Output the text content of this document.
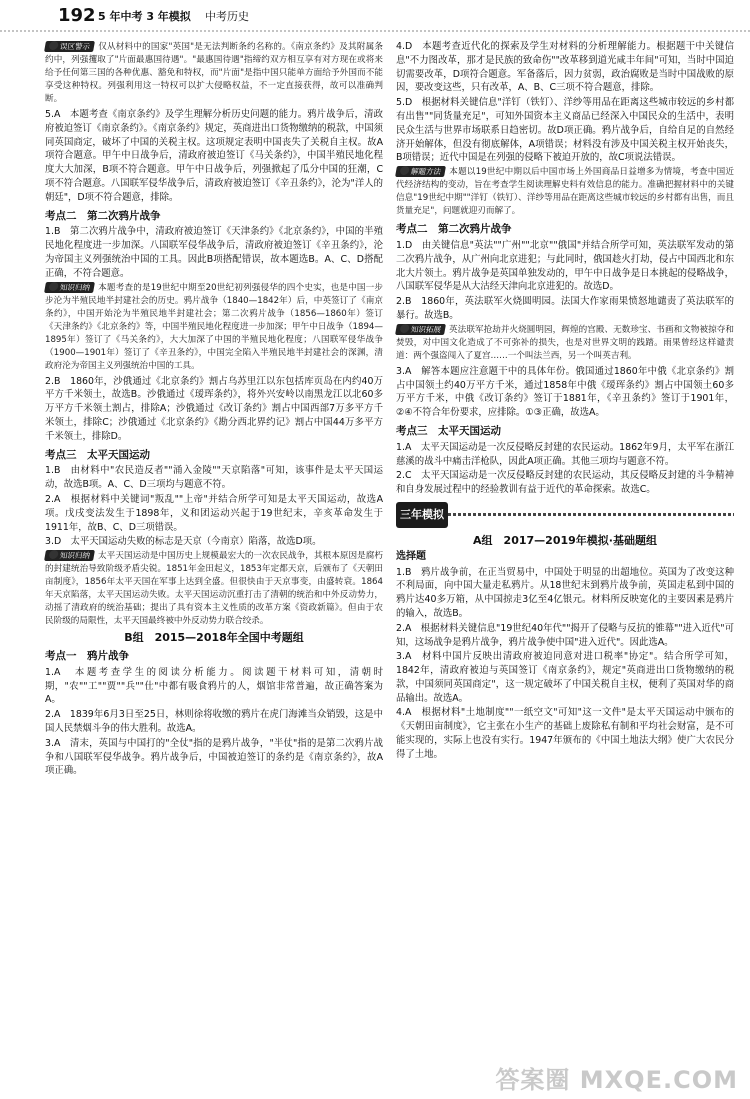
192 5 年中考 3 年模拟 中考历史
误区警示 仅从材料中的国家"英国"是无法判断条约名称的。《南京条约》及其附属条约中，列强攫取了"片面最惠国待遇"。"最惠国待遇"指缔约双方相互享有对方现在或将来给予任何第三国的各种优惠、豁免和特权，而"片面"是指中国只能单方面给予外国而不能享受这种特权。列强利用这一特权可以扩大侵略权益，不一定直接获得，故可以准确判断。

5.A　本题考查《南京条约》及学生理解分析历史问题的能力。鸦片战争后，清政府被迫签订《南京条约》。《南京条约》规定，英商进出口货物缴纳的税款，中国须同英国商定，破坏了中国的关税主权。这项规定表明中国丧失了关税自主权。故A项符合题意。甲午中日战争后，清政府被迫签订《马关条约》，中国半殖民地化程度大大加深，B项不符合题意。甲午中日战争后，列强掀起了瓜分中国的狂潮，C项不符合题意。八国联军侵华战争后，清政府被迫签订《辛丑条约》，沦为"洋人的朝廷"，D项不符合题意，排除。

考点二　第二次鸦片战争

1.B　第二次鸦片战争中，清政府被迫签订《天津条约》《北京条约》，中国的半殖民地化程度进一步加深。八国联军侵华战争后，清政府被迫签订《辛丑条约》，沦为帝国主义列强统治中国的工具。因此B项搭配错误，故本题选B。A、C、D搭配正确，不符合题意。

知识归纳 本题考查的是19世纪中期至20世纪初列强侵华的四个史实，也是中国一步步沦为半殖民地半封建社会的历史。鸦片战争（1840—1842年）后，中英签订了《南京条约》，中国开始沦为半殖民地半封建社会；第二次鸦片战争（1856—1860年）签订《天津条约》《北京条约》等，中国半殖民地化程度进一步加深；甲午中日战争（1894—1895年）签订了《马关条约》，大大加深了中国的半殖民地化程度；八国联军侵华战争（1900—1901年）签订了《辛丑条约》，中国完全陷入半殖民地半封建社会的深渊，清政府沦为帝国主义列强统治中国的工具。

2.B　1860年，沙俄通过《北京条约》割占乌苏里江以东包括库页岛在内约40万平方千米领土，故选B。沙俄通过《瑷珲条约》，将外兴安岭以南黑龙江以北60多万平方千米领土割占，排除A；沙俄通过《改订条约》割占中国西部7万多平方千米领土，排除C；沙俄通过《北京条约》《勘分西北界约记》割占中国44万多平方千米领土，排除D。

考点三　太平天国运动

1.B　由材料中"农民造反者""涌入金陵""天京陷落"可知，该事件是太平天国运动，故选B项。A、C、D三项均与题意不符。

2.A　根据材料中关键词"叛乱""上帝"并结合所学可知是太平天国运动，故选A项。戊戌变法发生于1898年，义和团运动兴起于19世纪末，辛亥革命发生于1911年，故B、C、D三项错误。

3.D　太平天国运动失败的标志是天京（今南京）陷落，故选D项。

知识归纳 太平天国运动是中国历史上规模最宏大的一次农民战争，其根本原因是腐朽的封建统治导致阶级矛盾尖锐。1851年金田起义，1853年定都天京，后颁布了《天朝田亩制度》，1856年太平天国在军事上达到全盛。但很快由于天京事变，由盛转衰。1864年天京陷落，太平天国运动失败。太平天国运动沉重打击了清朝的统治和中外反动势力，动摇了清政府的统治基础；提出了具有资本主义性质的改革方案《资政新篇》。但由于农民阶级的局限性，太平天国最终被中外反动势力联合绞杀。
B组　2015—2018年全国中考题组
考点一　鸦片战争

1.A　本题考查学生的阅读分析能力。阅读题干材料可知，清朝时期，"农""工""贾""兵""仕"中都有吸食鸦片的人，烟馆非常普遍，故正确答案为A。

2.A　1839年6月3日至25日，林则徐将收缴的鸦片在虎门海滩当众销毁，这是中国人民禁烟斗争的伟大胜利。故选A。

3.A　清末，英国与中国打的"全仗"指的是鸦片战争，"半仗"指的是第二次鸦片战争和八国联军侵华战争。鸦片战争后，中国被迫签订的条约是《南京条约》，故A项正确。

4.D　本题考查近代化的探索及学生对材料的分析理解能力。根据题干中关键信息"不力图改革，那才是民族的致命伤""改革移到道光咸丰年间"可知，当时中国迫切需要改革，D项符合题意。军备落后，因力贫弱，政治腐败是当时中国战败的原因，要改变这些，只有改革，A、B、C三项不符合题意，排除。

5.D　根据材料关键信息"洋钉（铁钉）、洋纱等用品在距离这些城市较远的乡村都有出售""同货量充足"，可知外国资本主义商品已经深入中国民众的生活中，表明民众生活与世界市场联系日趋密切。故D项正确。鸦片战争后，自给自足的自然经济开始解体，但没有彻底解体，A项错误；材料没有涉及中国关税主权开始丧失，B项错误；近代中国是在列强的侵略下被迫开放的，故C项说法错误。

解题方法 本题以19世纪中期以后中国市场上外国商品日益增多为情境，考查中国近代经济结构的变动，旨在考查学生阅读理解史料有效信息的能力。准确把握材料中的关键信息"19世纪中期""洋钉（铁钉）、洋纱等用品在距离这些城市较远的乡村都有出售，而且货量充足"，问题就迎刃而解了。
考点二　第二次鸦片战争

1.D　由关键信息"英法""广州""北京""俄国"并结合所学可知，英法联军发动的第二次鸦片战争，从广州向北京进犯；与此同时，俄国趁火打劫，侵占中国西北和东北大片领土。鸦片战争是英国单独发动的，甲午中日战争是日本挑起的侵略战争，八国联军侵华是从大沽经天津向北京进犯的。故选D。

2.B　1860年，英法联军火烧圆明园。法国大作家雨果愤怒地谴责了英法联军的暴行。故选B。

知识拓展 英法联军抢劫并火烧圆明园，辉煌的宫殿、无数珍宝、书画和文物被掠夺和焚毁，对中国文化造成了不可弥补的损失，也是对世界文明的践踏。雨果曾经这样谴责道：两个强盗闯入了夏宫……一个叫法兰西，另一个叫英吉利。

3.A　解答本题应注意题干中的具体年份。俄国通过1860年中俄《北京条约》割占中国领土约40万平方千米，通过1858年中俄《瑷珲条约》割占中国领土60多万平方千米，中俄《改订条约》签订于1881年，《辛丑条约》签订于1901年，②④不符合年份要求，应排除。①③正确，故选A。

考点三　太平天国运动

1.A　太平天国运动是一次反侵略反封建的农民运动。1862年9月，太平军在浙江慈溪的战斗中痛击洋枪队，因此A项正确。其他三项均与题意不符。

2.C　太平天国运动是一次反侵略反封建的农民运动，其反侵略反封建的斗争精神和自身发展过程中的经验教训有益于近代的革命探索。故选C。

三年模拟
A组　2017—2019年模拟·基础题组
选择题

1.B　鸦片战争前，在正当贸易中，中国处于明显的出超地位。英国为了改变这种不利局面，向中国大量走私鸦片。从18世纪末到鸦片战争前，英国走私到中国的鸦片达40多万箱，从中国掠走3亿至4亿银元。材料所反映宽化的主要因素是鸦片的输入，故选B。

2.A　根据材料关键信息"19世纪40年代""揭开了侵略与反抗的锥幕""进入近代"可知，这场战争是鸦片战争，鸦片战争使中国"进入近代"。因此选A。

3.A　材料中国片反映出清政府被迫同意对进口税率"协定"。结合所学可知，1842年，清政府被迫与英国签订《南京条约》，规定"英商进出口货物缴纳的税款，中国须同英国商定"，这一规定破坏了中国关税自主权，便利了英国对华的商品输出。故选A。

4.A　根据材料"土地制度""一纸空文"可知"这一文件"是太平天国运动中颁布的《天朝田亩制度》，它主张在小生产的基础上废除私有制和平均社会财富，是不可能实现的，实际上也没有实行。1947年颁布的《中国土地法大纲》使广大农民分得了土地。

答案圈 MXQE.COM
